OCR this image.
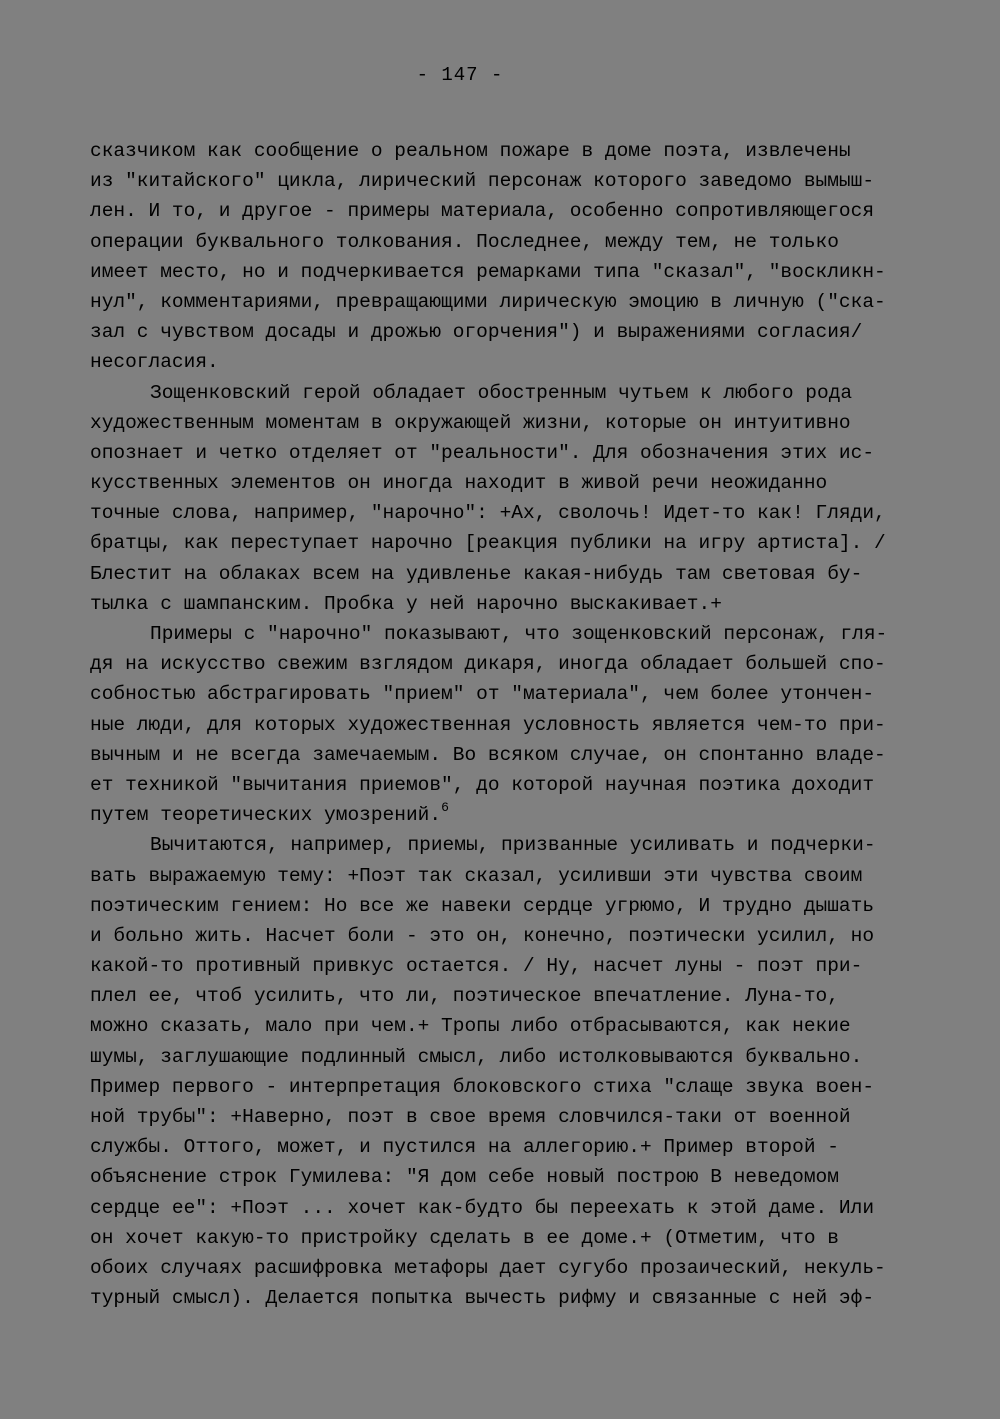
- 147 -
сказчиком как сообщение о реальном пожаре в доме поэта, извлечены
из "китайского" цикла, лирический персонаж которого заведомо вымыш-
лен. И то, и другое - примеры материала, особенно сопротивляющегося
операции буквального толкования. Последнее, между тем, не только
имеет место, но и подчеркивается ремарками типа "сказал", "воскликн-
нул", комментариями, превращающими лирическую эмоцию в личную ("ска-
зал с чувством досады и дрожью огорчения") и выражениями согласия/
несогласия.
Зощенковский герой обладает обостренным чутьем к любого рода
художественным моментам в окружающей жизни, которые он интуитивно
опознает и четко отделяет от "реальности". Для обозначения этих ис-
кусственных элементов он иногда находит в живой речи неожиданно
точные слова, например, "нарочно": +Ах, сволочь! Идет-то как! Гляди,
братцы, как переступает нарочно [реакция публики на игру артиста]. /
Блестит на облаках всем на удивленье какая-нибудь там световая бу-
тылка с шампанским. Пробка у ней нарочно выскакивает.+
Примеры с "нарочно" показывают, что зощенковский персонаж, гля-
дя на искусство свежим взглядом дикаря, иногда обладает большей спо-
собностью абстрагировать "прием" от "материала", чем более утончен-
ные люди, для которых художественная условность является чем-то при-
вычным и не всегда замечаемым. Во всяком случае, он спонтанно владе-
ет техникой "вычитания приемов", до которой научная поэтика доходит
путем теоретических умозрений.$^6$
Вычитаются, например, приемы, призванные усиливать и подчерки-
вать выражаемую тему: +Поэт так сказал, усиливши эти чувства своим
поэтическим гением: Но все же навеки сердце угрюмо, И трудно дышать
и больно жить. Насчет боли - это он, конечно, поэтически усилил, но
какой-то противный привкус остается. / Ну, насчет луны - поэт при-
плел ее, чтоб усилить, что ли, поэтическое впечатление. Луна-то,
можно сказать, мало при чем.+ Тропы либо отбрасываются, как некие
шумы, заглушающие подлинный смысл, либо истолковываются буквально.
Пример первого - интерпретация блоковского стиха "слаще звука воен-
ной трубы": +Наверно, поэт в свое время словчился-таки от военной
службы. Оттого, может, и пустился на аллегорию.+ Пример второй -
объяснение строк Гумилева: "Я дом себе новый построю В неведомом
сердце ее": +Поэт ... хочет как-будто бы переехать к этой даме. Или
он хочет какую-то пристройку сделать в ее доме.+ (Отметим, что в
обоих случаях расшифровка метафоры дает сугубо прозаический, некуль-
турный смысл). Делается попытка вычесть рифму и связанные с ней эф-
